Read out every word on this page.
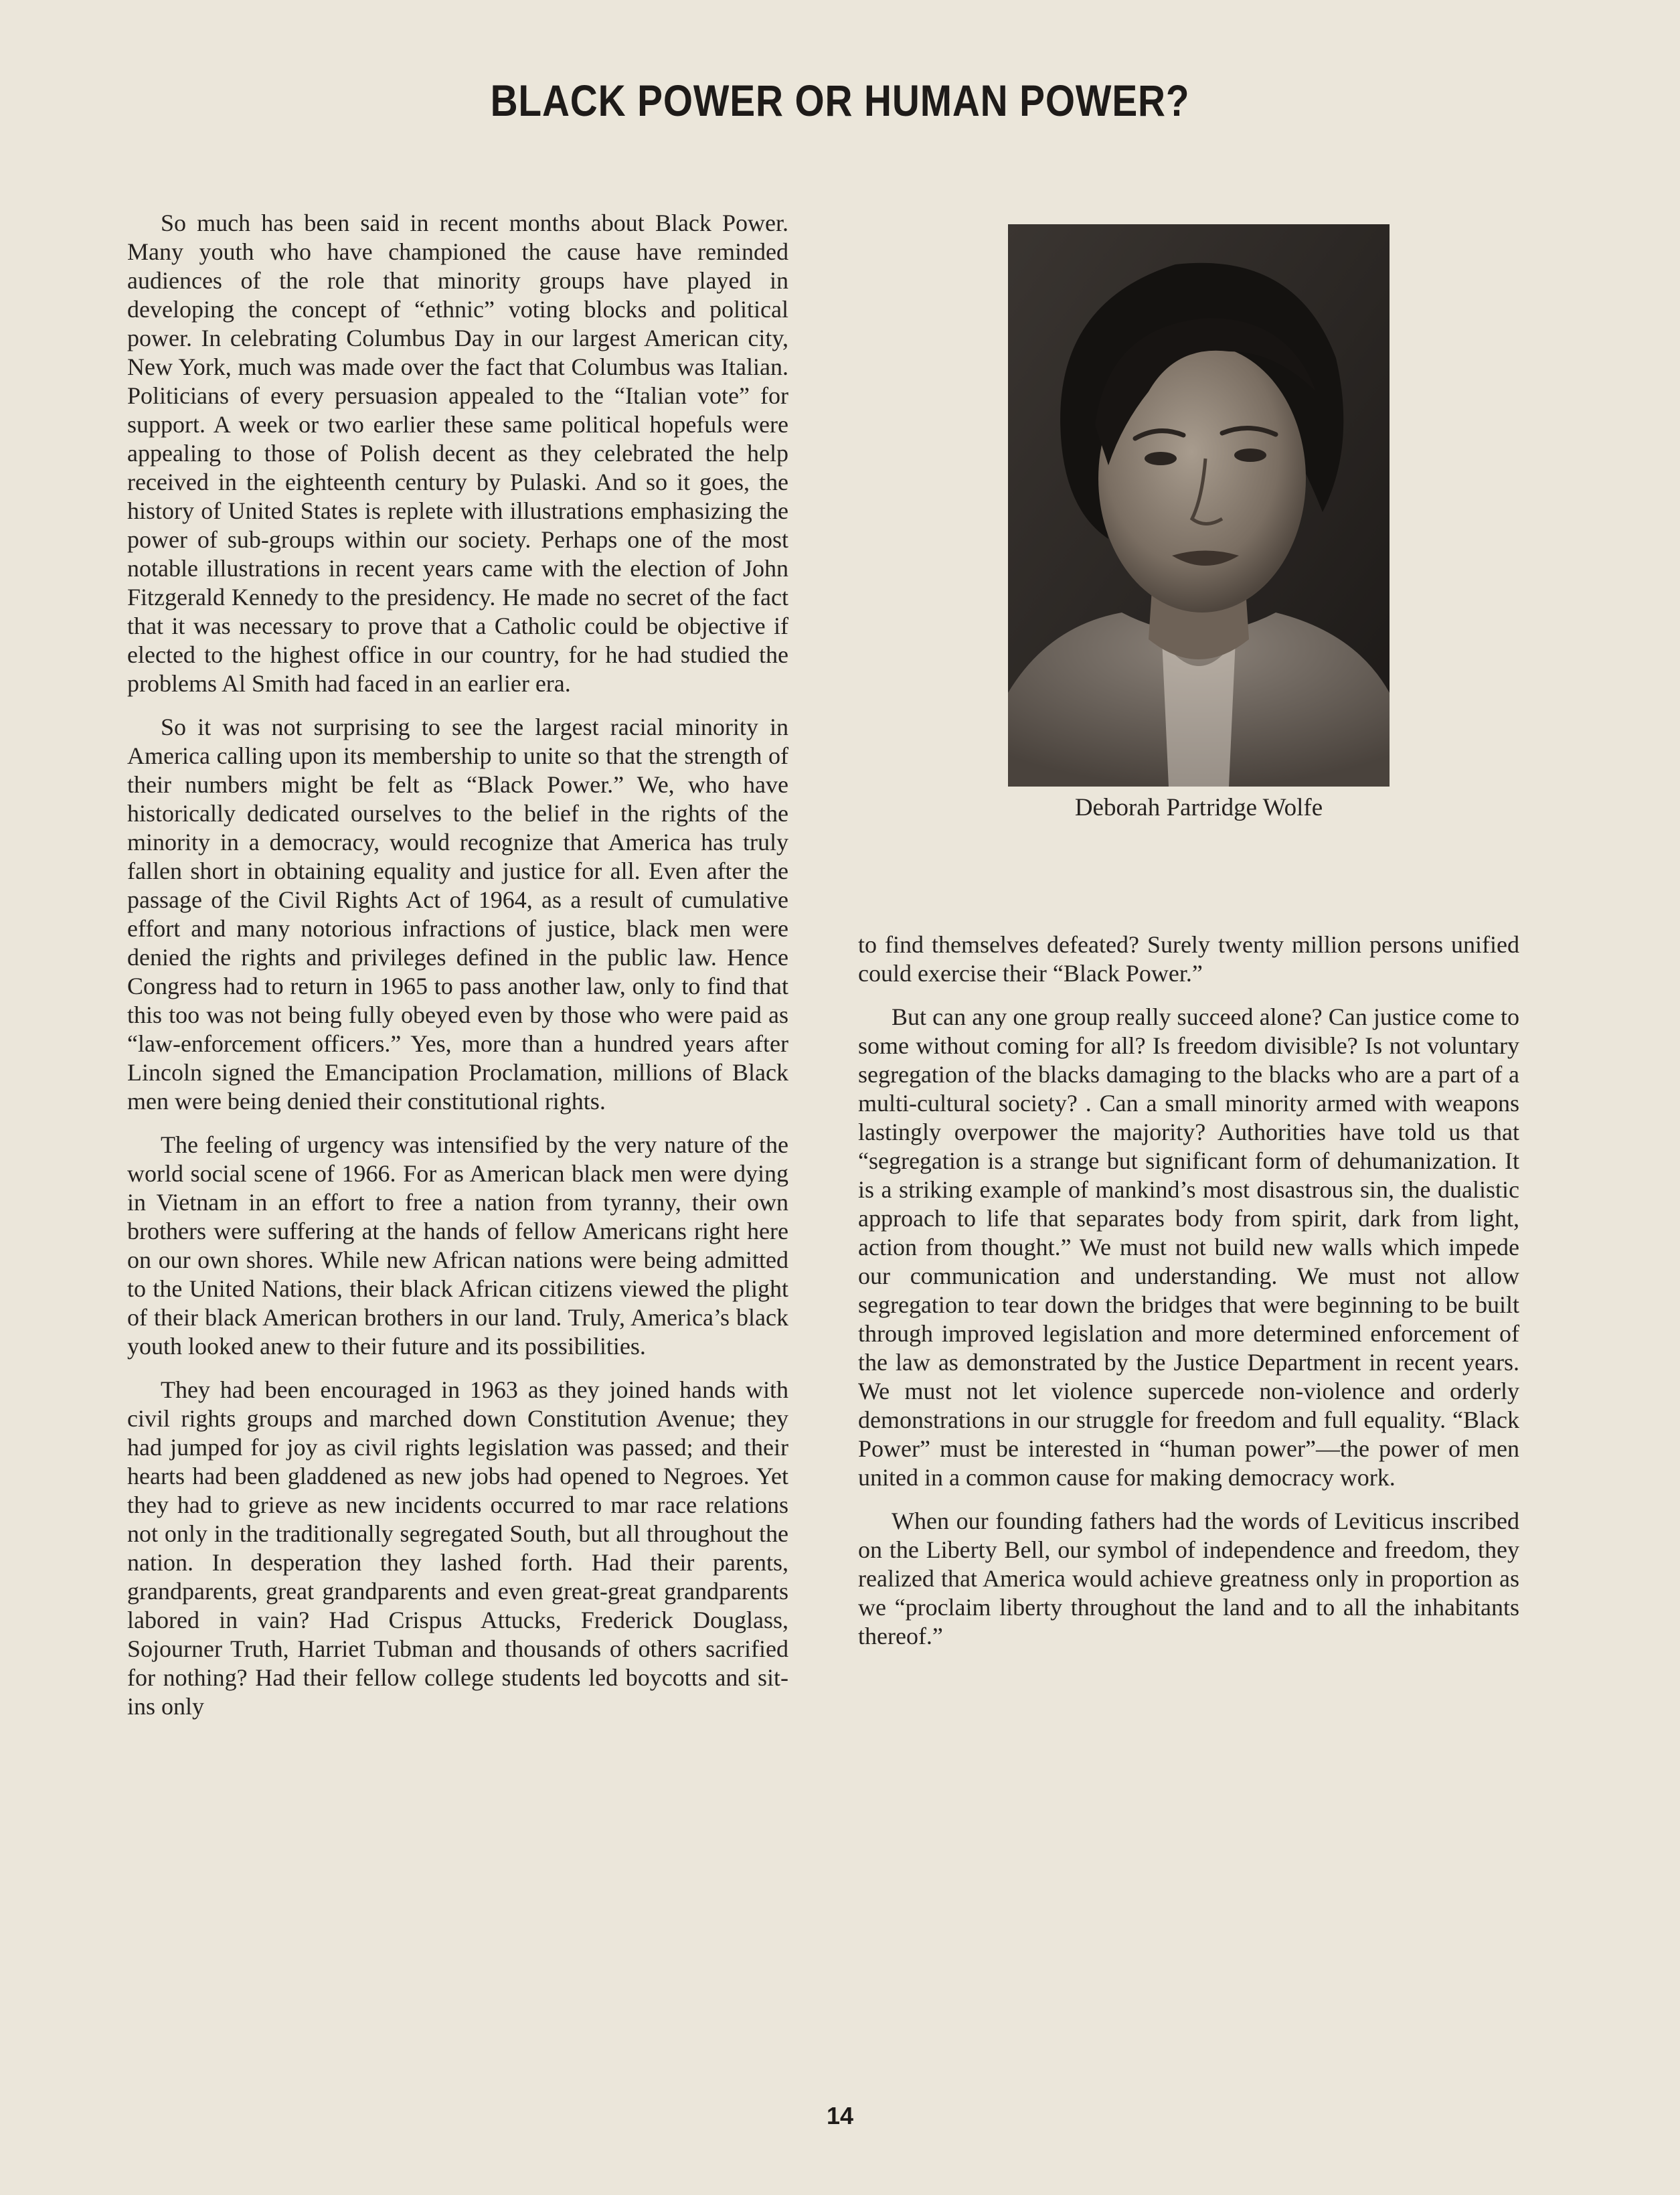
BLACK POWER OR HUMAN POWER?

So much has been said in recent months about Black Power. Many youth who have championed the cause have reminded audiences of the role that minority groups have played in developing the concept of “ethnic” voting blocks and political power. In celebrating Columbus Day in our largest American city, New York, much was made over the fact that Columbus was Italian. Politicians of every persuasion appealed to the “Italian vote” for support. A week or two earlier these same political hopefuls were appealing to those of Polish decent as they celebrated the help received in the eighteenth century by Pulaski. And so it goes, the history of United States is replete with illustrations emphasizing the power of sub-groups within our society. Perhaps one of the most notable illustrations in recent years came with the election of John Fitzgerald Kennedy to the presidency. He made no secret of the fact that it was necessary to prove that a Catholic could be objective if elected to the highest office in our country, for he had studied the problems Al Smith had faced in an earlier era.

So it was not surprising to see the largest racial minority in America calling upon its membership to unite so that the strength of their numbers might be felt as “Black Power.” We, who have historically dedicated ourselves to the belief in the rights of the minority in a democracy, would recognize that America has truly fallen short in obtaining equality and justice for all. Even after the passage of the Civil Rights Act of 1964, as a result of cumulative effort and many notorious infractions of justice, black men were denied the rights and privileges defined in the public law. Hence Congress had to return in 1965 to pass another law, only to find that this too was not being fully obeyed even by those who were paid as “law-enforcement officers.” Yes, more than a hundred years after Lincoln signed the Emancipation Proclamation, millions of Black men were being denied their constitutional rights.

The feeling of urgency was intensified by the very nature of the world social scene of 1966. For as American black men were dying in Vietnam in an effort to free a nation from tyranny, their own brothers were suffering at the hands of fellow Americans right here on our own shores. While new African nations were being admitted to the United Nations, their black African citizens viewed the plight of their black American brothers in our land. Truly, America’s black youth looked anew to their future and its possibilities.

They had been encouraged in 1963 as they joined hands with civil rights groups and marched down Constitution Avenue; they had jumped for joy as civil rights legislation was passed; and their hearts had been gladdened as new jobs had opened to Negroes. Yet they had to grieve as new incidents occurred to mar race relations not only in the traditionally segregated South, but all throughout the nation. In desperation they lashed forth. Had their parents, grandparents, great grandparents and even great-great grandparents labored in vain? Had Crispus Attucks, Frederick Douglass, Sojourner Truth, Harriet Tubman and thousands of others sacrified for nothing? Had their fellow college students led boycotts and sit-ins only

Deborah Partridge Wolfe

to find themselves defeated? Surely twenty million persons unified could exercise their “Black Power.”

But can any one group really succeed alone? Can justice come to some without coming for all? Is freedom divisible? Is not voluntary segregation of the blacks damaging to the blacks who are a part of a multi-cultural society? . Can a small minority armed with weapons lastingly overpower the majority? Authorities have told us that “segregation is a strange but significant form of dehumanization. It is a striking example of mankind’s most disastrous sin, the dualistic approach to life that separates body from spirit, dark from light, action from thought.” We must not build new walls which impede our communication and understanding. We must not allow segregation to tear down the bridges that were beginning to be built through improved legislation and more determined enforcement of the law as demonstrated by the Justice Department in recent years. We must not let violence supercede non-violence and orderly demonstrations in our struggle for freedom and full equality. “Black Power” must be interested in “human power”—the power of men united in a common cause for making democracy work.

When our founding fathers had the words of Leviticus inscribed on the Liberty Bell, our symbol of independence and freedom, they realized that America would achieve greatness only in proportion as we “proclaim liberty throughout the land and to all the inhabitants thereof.”

14
